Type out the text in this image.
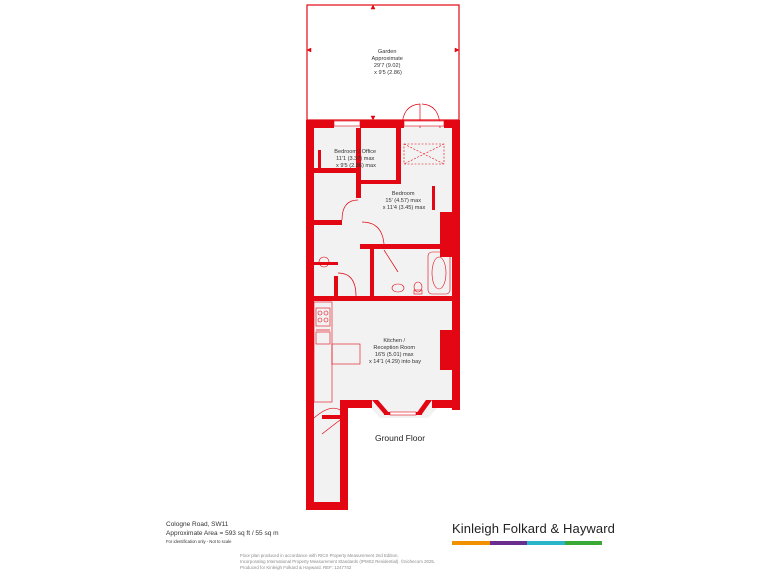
Garden Approximate 29'7 (9.02) x 9'5 (2.86)
Bedroom / Office 11'1 (3.37) max x 9'5 (2.86) max
Bedroom 15' (4.57) max x 11'4 (3.45) max
Kitchen / Reception Room 16'5 (5.01) max x 14'1 (4.29) into bay
Ground Floor
Cologne Road, SW11
Approximate Area = 593 sq ft / 55 sq m
For identification only - Not to scale
Kinleigh Folkard & Hayward
Floor plan produced in accordance with RICS Property Measurement 2nd Edition,
Incorporating International Property Measurement Standards (IPMS2 Residential). ©nichecom 2025.
Produced for Kinleigh Folkard & Hayward. REF: 1247742
